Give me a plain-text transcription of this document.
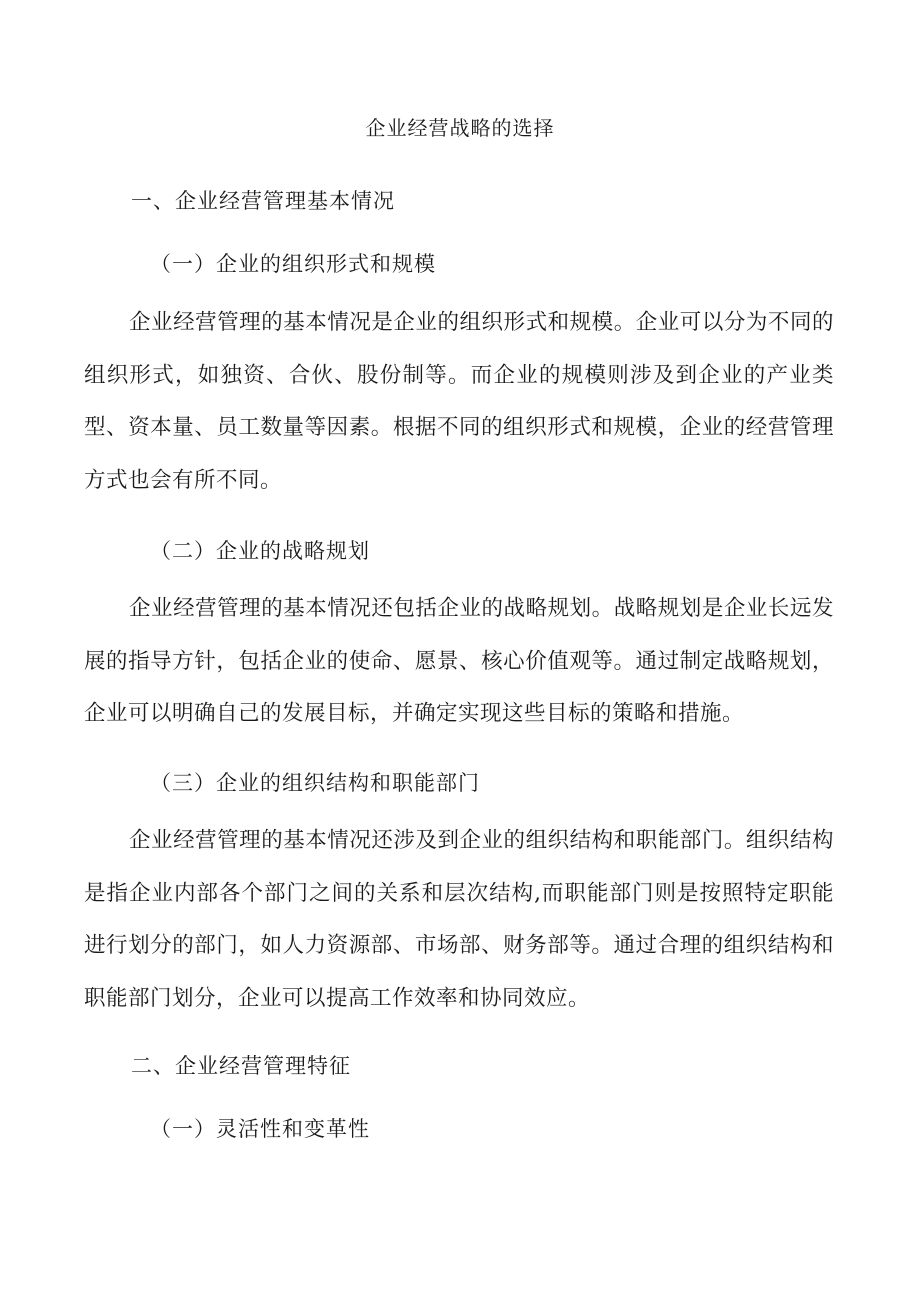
企业经营战略的选择
一、企业经营管理基本情况
（一）企业的组织形式和规模

企业经营管理的基本情况是企业的组织形式和规模。企业可以分为不同的组织形式，如独资、合伙、股份制等。而企业的规模则涉及到企业的产业类型、资本量、员工数量等因素。根据不同的组织形式和规模，企业的经营管理方式也会有所不同。

（二）企业的战略规划

企业经营管理的基本情况还包括企业的战略规划。战略规划是企业长远发展的指导方针，包括企业的使命、愿景、核心价值观等。通过制定战略规划，企业可以明确自己的发展目标，并确定实现这些目标的策略和措施。

（三）企业的组织结构和职能部门

企业经营管理的基本情况还涉及到企业的组织结构和职能部门。组织结构是指企业内部各个部门之间的关系和层次结构,而职能部门则是按照特定职能进行划分的部门，如人力资源部、市场部、财务部等。通过合理的组织结构和职能部门划分，企业可以提高工作效率和协同效应。

二、企业经营管理特征
（一）灵活性和变革性
